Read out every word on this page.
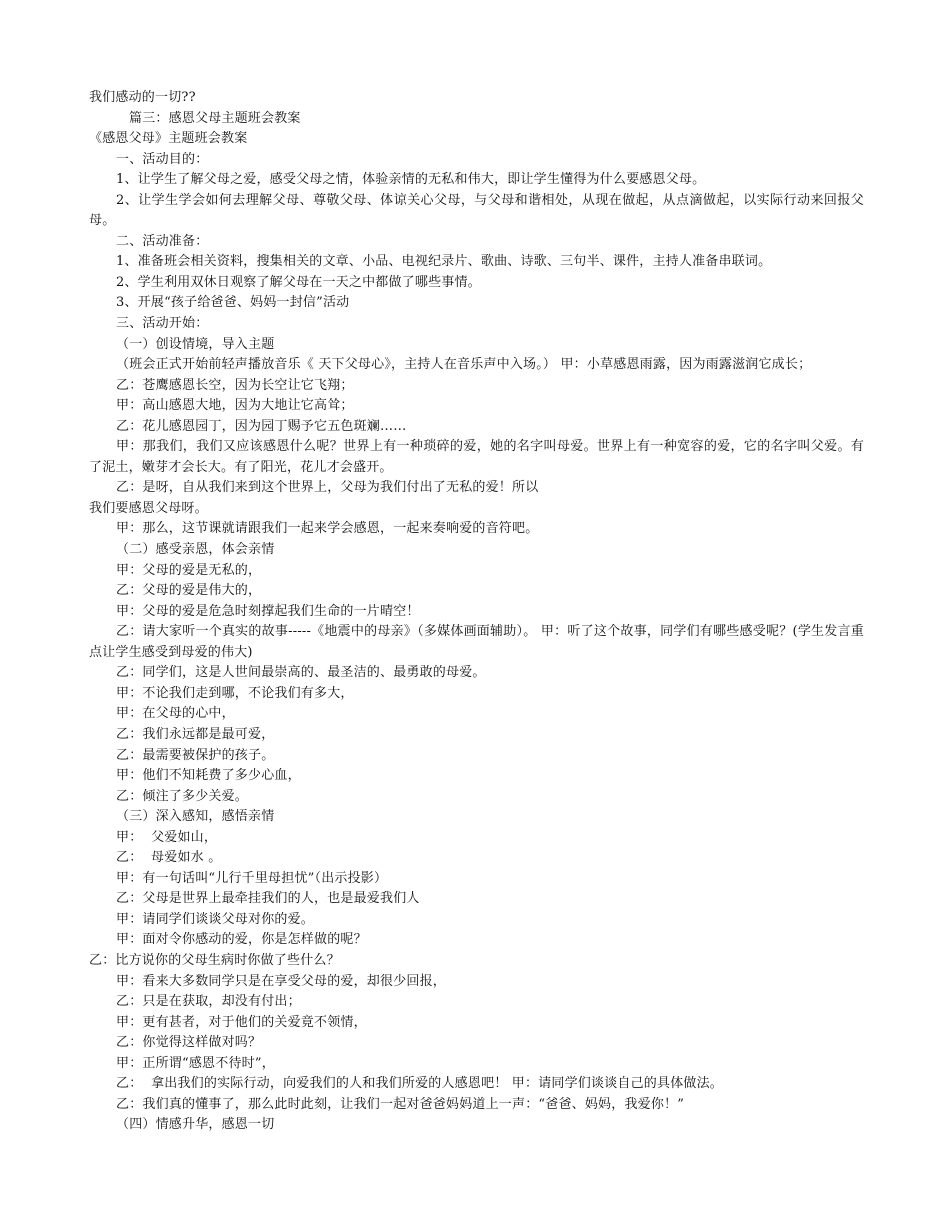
我们感动的一切??
篇三：感恩父母主题班会教案
《感恩父母》主题班会教案
一、活动目的：
1、让学生了解父母之爱，感受父母之情，体验亲情的无私和伟大，即让学生懂得为什么要感恩父母。
2、让学生学会如何去理解父母、尊敬父母、体谅关心父母，与父母和谐相处，从现在做起，从点滴做起，以实际行动来回报父母。
二、活动准备：
1、准备班会相关资料，搜集相关的文章、小品、电视纪录片、歌曲、诗歌、三句半、课件，主持人准备串联词。
2、学生利用双休日观察了解父母在一天之中都做了哪些事情。
3、开展“孩子给爸爸、妈妈一封信”活动
三、活动开始：
（一）创设情境，导入主题
（班会正式开始前轻声播放音乐《 天下父母心》，主持人在音乐声中入场。） 甲：小草感恩雨露，因为雨露滋润它成长；
乙：苍鹰感恩长空，因为长空让它飞翔；
甲：高山感恩大地，因为大地让它高耸；
乙：花儿感恩园丁，因为园丁赐予它五色斑斓……
甲：那我们，我们又应该感恩什么呢？世界上有一种琐碎的爱，她的名字叫母爱。世界上有一种宽容的爱，它的名字叫父爱。有了泥土，嫩芽才会长大。有了阳光，花儿才会盛开。
乙：是呀，自从我们来到这个世界上，父母为我们付出了无私的爱！所以
我们要感恩父母呀。
甲：那么，这节课就请跟我们一起来学会感恩，一起来奏响爱的音符吧。
（二）感受亲恩，体会亲情
甲：父母的爱是无私的，
乙：父母的爱是伟大的，
甲：父母的爱是危急时刻撑起我们生命的一片晴空！
乙：请大家听一个真实的故事-----《地震中的母亲》（多媒体画面辅助）。 甲：听了这个故事，同学们有哪些感受呢？(学生发言重点让学生感受到母爱的伟大)
乙：同学们，这是人世间最崇高的、最圣洁的、最勇敢的母爱。
甲：不论我们走到哪，不论我们有多大，
甲：在父母的心中，
乙：我们永远都是最可爱，
乙：最需要被保护的孩子。
甲：他们不知耗费了多少心血，
乙：倾注了多少关爱。
（三）深入感知，感悟亲情
甲：  父爱如山，
乙：  母爱如水 。
甲：有一句话叫“儿行千里母担忧”（出示投影）
乙：父母是世界上最牵挂我们的人，也是最爱我们人
甲：请同学们谈谈父母对你的爱。
甲：面对令你感动的爱，你是怎样做的呢？
乙：比方说你的父母生病时你做了些什么？
甲：看来大多数同学只是在享受父母的爱，却很少回报，
乙：只是在获取，却没有付出；
甲：更有甚者，对于他们的关爱竟不领情，
乙：你觉得这样做对吗？
甲：正所谓“感恩不待时”，
乙：  拿出我们的实际行动，向爱我们的人和我们所爱的人感恩吧！ 甲：请同学们谈谈自己的具体做法。
乙：我们真的懂事了，那么此时此刻，让我们一起对爸爸妈妈道上一声：“爸爸、妈妈，我爱你！”
（四）情感升华，感恩一切
